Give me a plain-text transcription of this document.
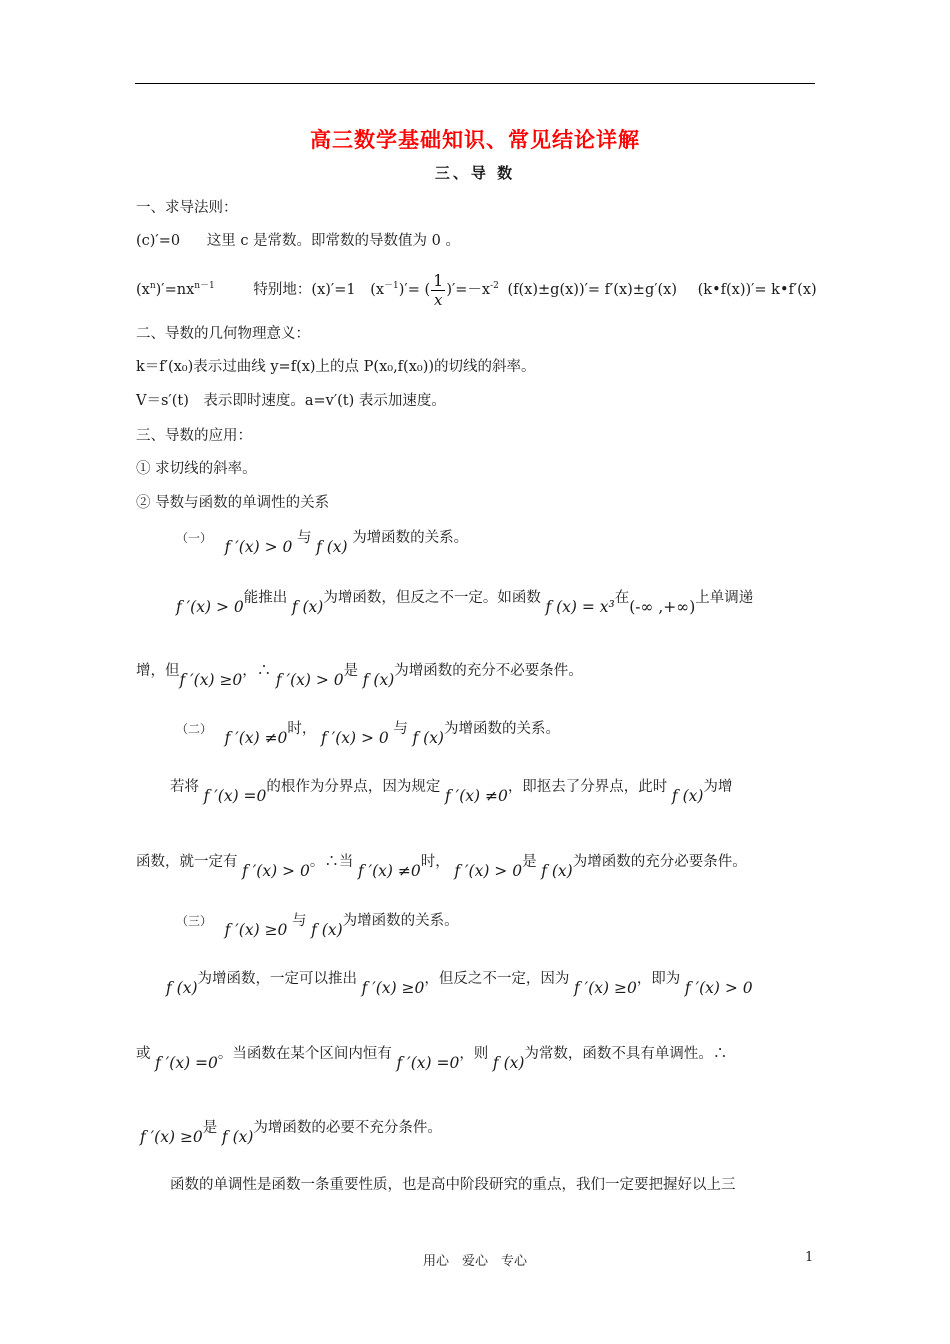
高三数学基础知识、常见结论详解
三、导 数
一、求导法则：
(c)′=0 这里 c 是常数。即常数的导数值为 0 。
$(x^n)'=nx^{n-1}$	特别地：(x)′=1 $(x^{-1})'=$ ( $\frac{1}{x} )'=-x^{-2}$ (f(x)±g(x))′= f′(x)±g′(x) (k•f(x))′= k•f′(x)
二、导数的几何物理意义：
k＝f′(x₀)表示过曲线 y=f(x)上的点 P(x₀,f(x₀))的切线的斜率。
V＝s′(t)　表示即时速度。a=v′(t) 表示加速度。
三、导数的应用：
① 求切线的斜率。
② 导数与函数的单调性的关系
（一） f ′(x) > 0 与 f (x) 为增函数的关系。
f ′(x) > 0能推出 f (x)为增函数，但反之不一定。如函数 f (x) = x³在(-∞ ,+∞)上单调递
增，但f ′(x) ≥0，∴ f ′(x) > 0是 f (x)为增函数的充分不必要条件。
（二） f ′(x) ≠0时， f ′(x) > 0 与 f (x)为增函数的关系。
若将 f ′(x) =0的根作为分界点，因为规定 f ′(x) ≠0，即抠去了分界点，此时 f (x)为增
函数，就一定有 f ′(x) > 0。∴当 f ′(x) ≠0时， f ′(x) > 0是 f (x)为增函数的充分必要条件。
（三） f ′(x) ≥0 与 f (x)为增函数的关系。
f (x)为增函数，一定可以推出 f ′(x) ≥0，但反之不一定，因为 f ′(x) ≥0，即为 f ′(x) > 0
或 f ′(x) =0。当函数在某个区间内恒有 f ′(x) =0，则 f (x)为常数，函数不具有单调性。∴
f ′(x) ≥0是 f (x)为增函数的必要不充分条件。
函数的单调性是函数一条重要性质，也是高中阶段研究的重点，我们一定要把握好以上三
用心　爱心　专心	1
